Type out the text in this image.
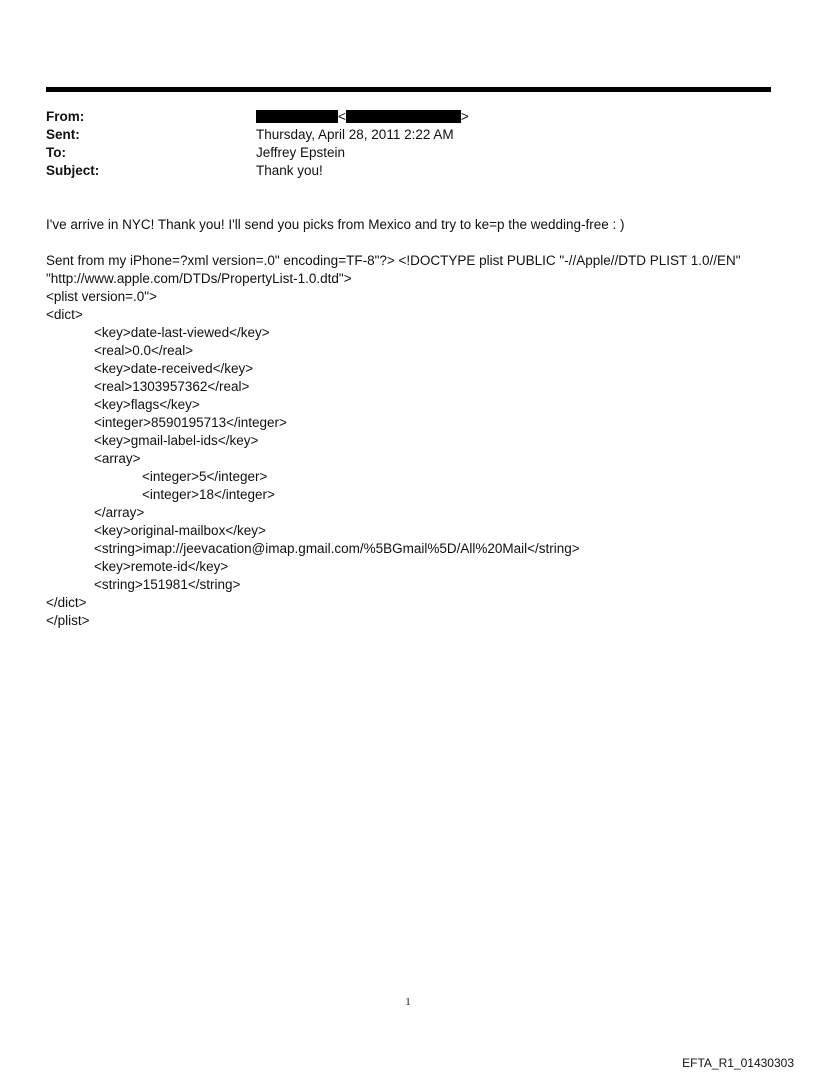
From:	<	>
Sent:	Thursday, April 28, 2011 2:22 AM
To:	Jeffrey Epstein
Subject:	Thank you!
I've arrive in NYC! Thank you! I'll send you picks from Mexico and try to ke=p the wedding-free : )
Sent from my iPhone=?xml version=.0" encoding=TF-8"?> <!DOCTYPE plist PUBLIC "-//Apple//DTD PLIST 1.0//EN"
"http://www.apple.com/DTDs/PropertyList-1.0.dtd">
<plist version=.0">
<dict>
<key>date-last-viewed</key>
<real>0.0</real>
<key>date-received</key>
<real>1303957362</real>
<key>flags</key>
<integer>8590195713</integer>
<key>gmail-label-ids</key>
<array>
<integer>5</integer>
<integer>18</integer>
</array>
<key>original-mailbox</key>
<string>imap://jeevacation@imap.gmail.com/%5BGmail%5D/All%20Mail</string>
<key>remote-id</key>
<string>151981</string>
</dict>
</plist>
1
EFTA_R1_01430303
